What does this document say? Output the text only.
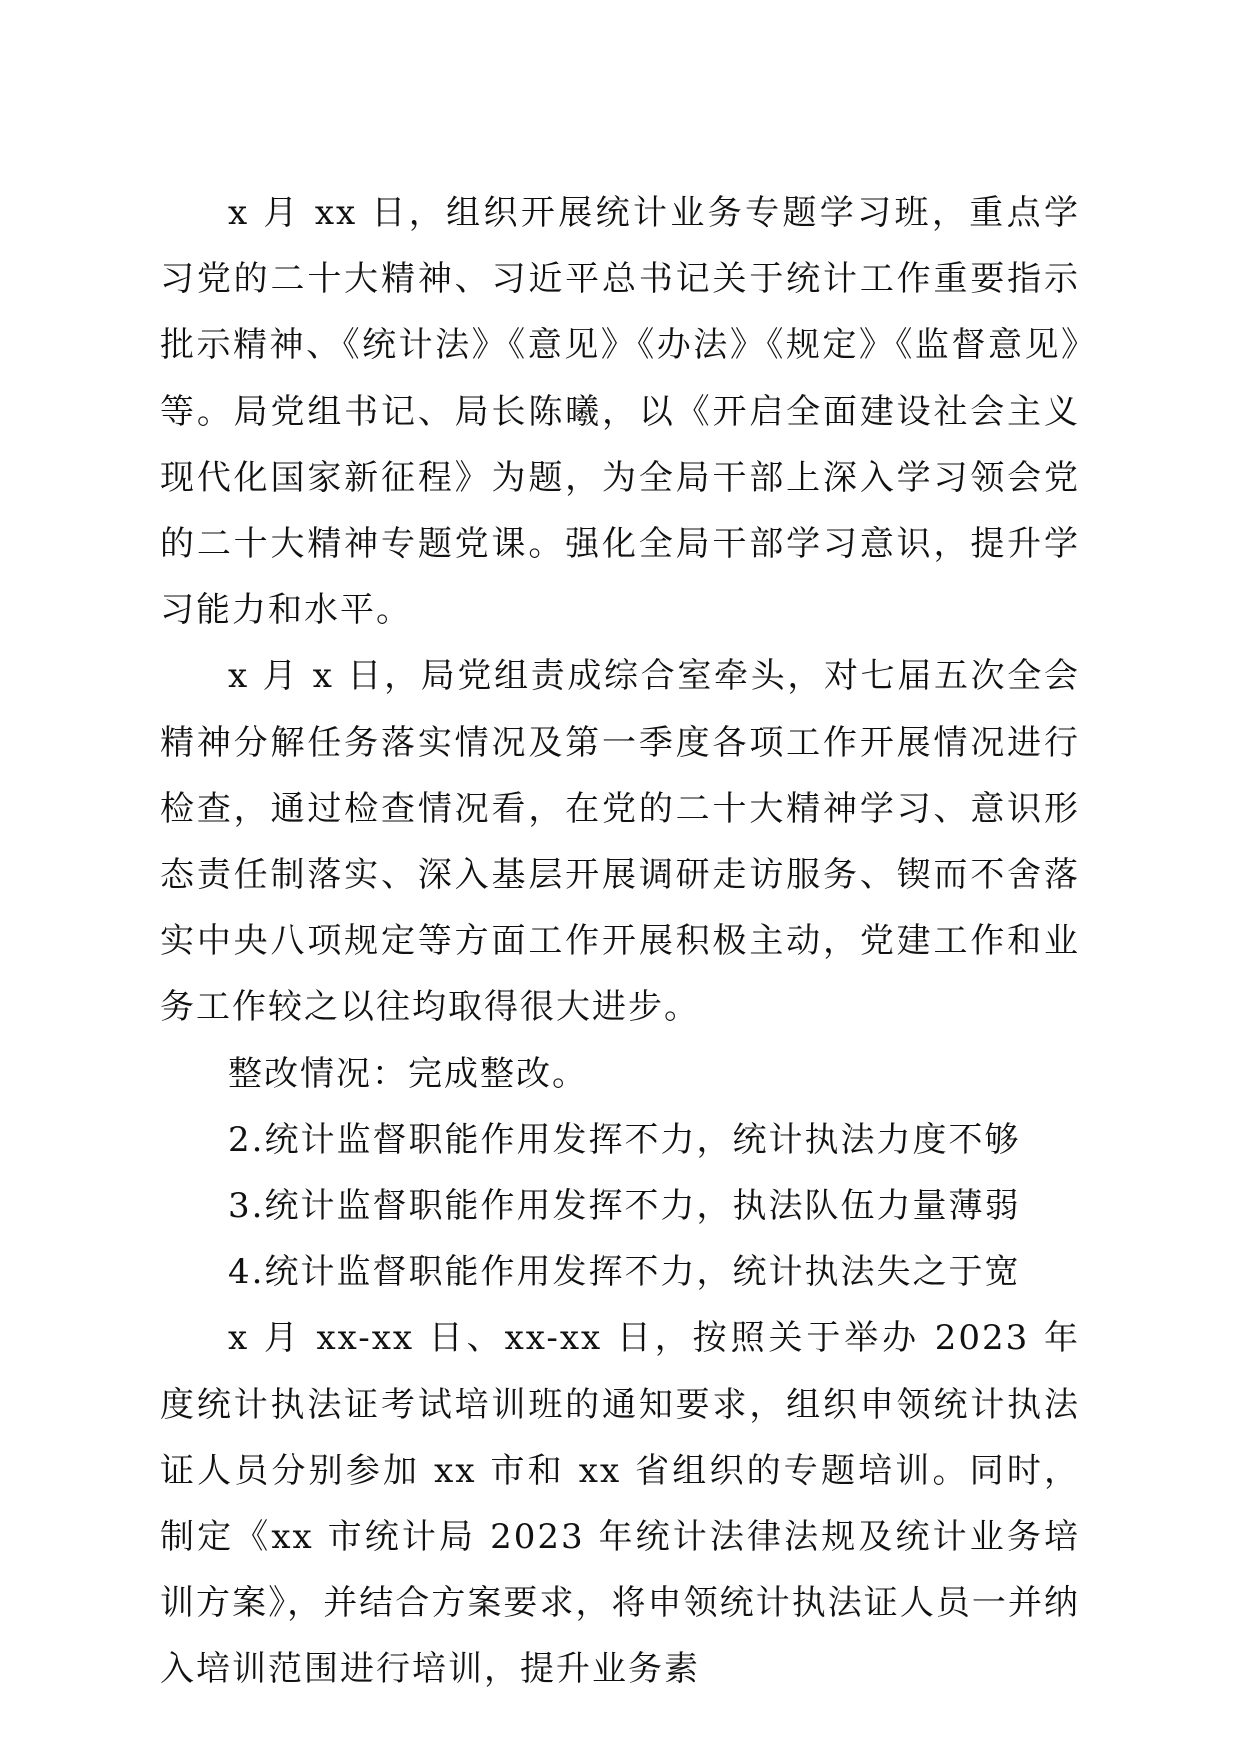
x 月 xx 日，组织开展统计业务专题学习班，重点学习党的二十大精神、习近平总书记关于统计工作重要指示批示精神、《统计法》《意见》《办法》《规定》《监督意见》等。局党组书记、局长陈曦，以《开启全面建设社会主义现代化国家新征程》为题，为全局干部上深入学习领会党的二十大精神专题党课。强化全局干部学习意识，提升学习能力和水平。

x 月 x 日，局党组责成综合室牵头，对七届五次全会精神分解任务落实情况及第一季度各项工作开展情况进行检查，通过检查情况看，在党的二十大精神学习、意识形态责任制落实、深入基层开展调研走访服务、锲而不舍落实中央八项规定等方面工作开展积极主动，党建工作和业务工作较之以往均取得很大进步。

整改情况：完成整改。

2.统计监督职能作用发挥不力，统计执法力度不够

3.统计监督职能作用发挥不力，执法队伍力量薄弱

4.统计监督职能作用发挥不力，统计执法失之于宽

x 月 xx-xx 日、xx-xx 日，按照关于举办 2023 年度统计执法证考试培训班的通知要求，组织申领统计执法证人员分别参加 xx 市和 xx 省组织的专题培训。同时，制定《xx 市统计局 2023 年统计法律法规及统计业务培训方案》，并结合方案要求，将申领统计执法证人员一并纳入培训范围进行培训，提升业务素
